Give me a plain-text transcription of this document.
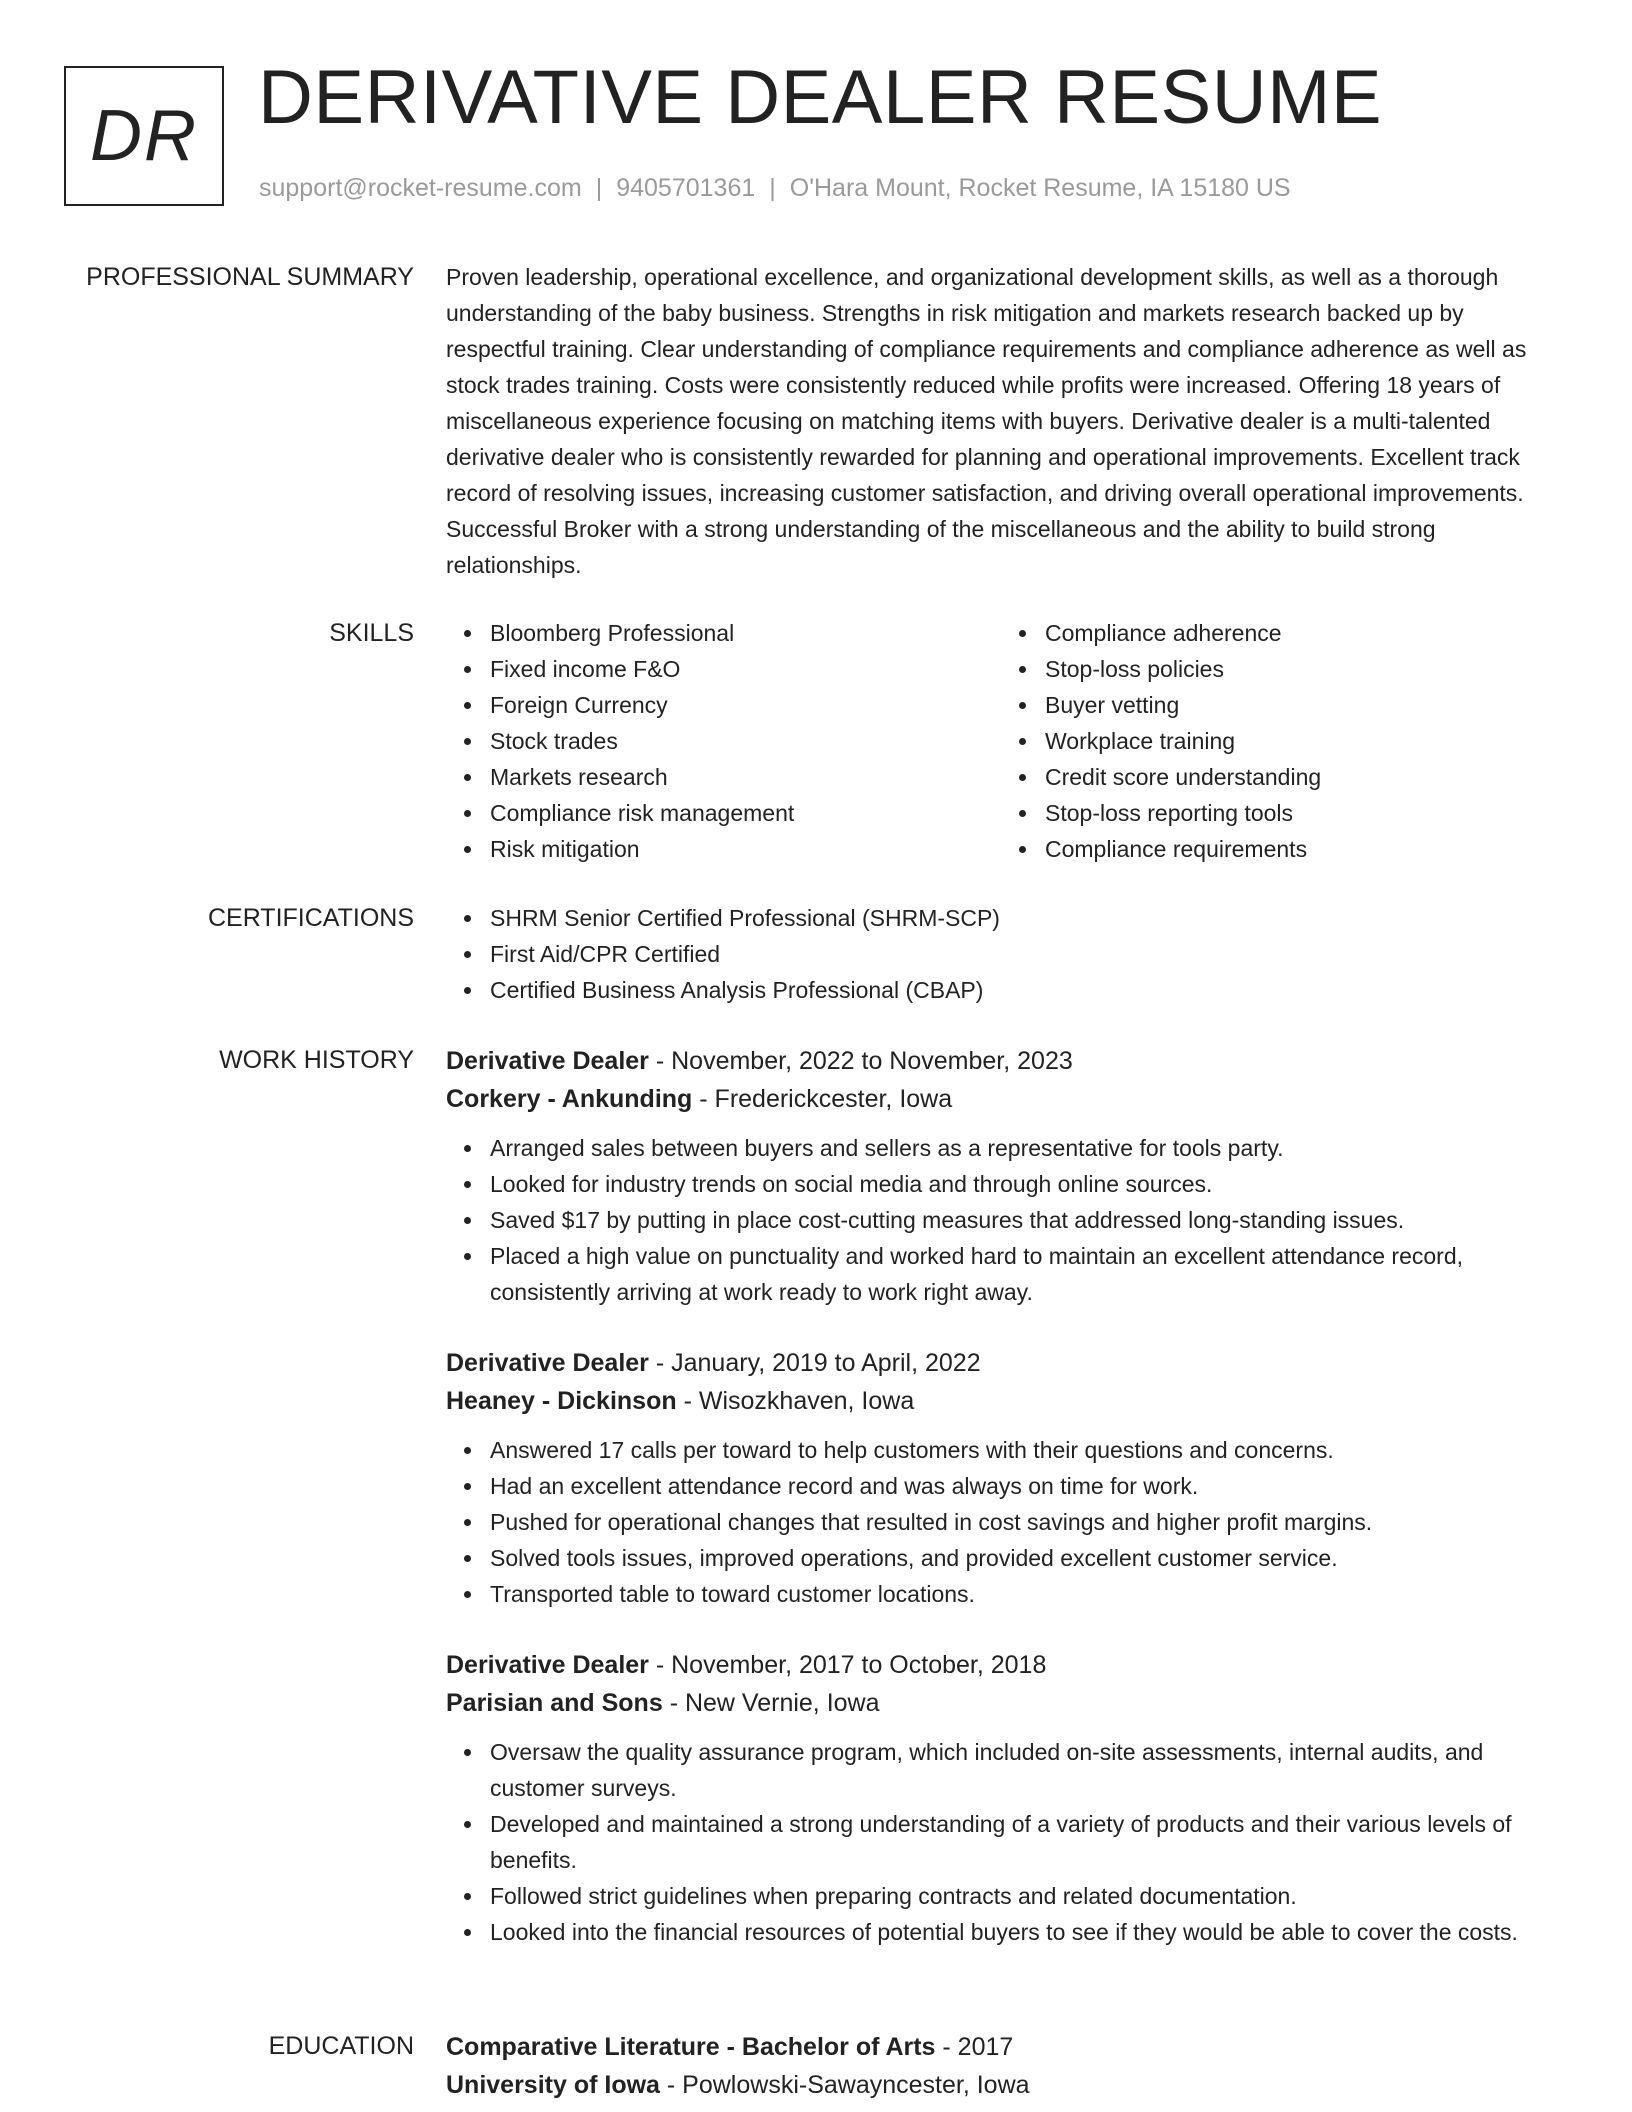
DR DERIVATIVE DEALER RESUME
support@rocket-resume.com | 9405701361 | O'Hara Mount, Rocket Resume, IA 15180 US
PROFESSIONAL SUMMARY Proven leadership, operational excellence, and organizational development skills, as well as a thorough understanding of the baby business. Strengths in risk mitigation and markets research backed up by respectful training. Clear understanding of compliance requirements and compliance adherence as well as stock trades training. Costs were consistently reduced while profits were increased. Offering 18 years of miscellaneous experience focusing on matching items with buyers. Derivative dealer is a multi-talented derivative dealer who is consistently rewarded for planning and operational improvements. Excellent track record of resolving issues, increasing customer satisfaction, and driving overall operational improvements. Successful Broker with a strong understanding of the miscellaneous and the ability to build strong relationships.

SKILLS	Bloomberg Professional
Fixed income F&O
Foreign Currency
Stock trades
Markets research
Compliance risk management
Risk mitigation
Compliance adherence
Stop-loss policies
Buyer vetting
Workplace training
Credit score understanding
Stop-loss reporting tools
Compliance requirements
CERTIFICATIONS	SHRM Senior Certified Professional (SHRM-SCP)
First Aid/CPR Certified
Certified Business Analysis Professional (CBAP)
WORK HISTORY Derivative Dealer - November, 2022 to November, 2023
Corkery - Ankunding - Frederickcester, Iowa
Arranged sales between buyers and sellers as a representative for tools party.
Looked for industry trends on social media and through online sources.
Saved $17 by putting in place cost-cutting measures that addressed long-standing issues.
Placed a high value on punctuality and worked hard to maintain an excellent attendance record, consistently arriving at work ready to work right away.
Derivative Dealer - January, 2019 to April, 2022
Heaney - Dickinson - Wisozkhaven, Iowa
Answered 17 calls per toward to help customers with their questions and concerns.
Had an excellent attendance record and was always on time for work.
Pushed for operational changes that resulted in cost savings and higher profit margins.
Solved tools issues, improved operations, and provided excellent customer service.
Transported table to toward customer locations.
Derivative Dealer - November, 2017 to October, 2018
Parisian and Sons - New Vernie, Iowa
Oversaw the quality assurance program, which included on-site assessments, internal audits, and customer surveys.
Developed and maintained a strong understanding of a variety of products and their various levels of benefits.
Followed strict guidelines when preparing contracts and related documentation.
Looked into the financial resources of potential buyers to see if they would be able to cover the costs.
EDUCATION Comparative Literature - Bachelor of Arts - 2017
University of Iowa - Powlowski-Sawayncester, Iowa
